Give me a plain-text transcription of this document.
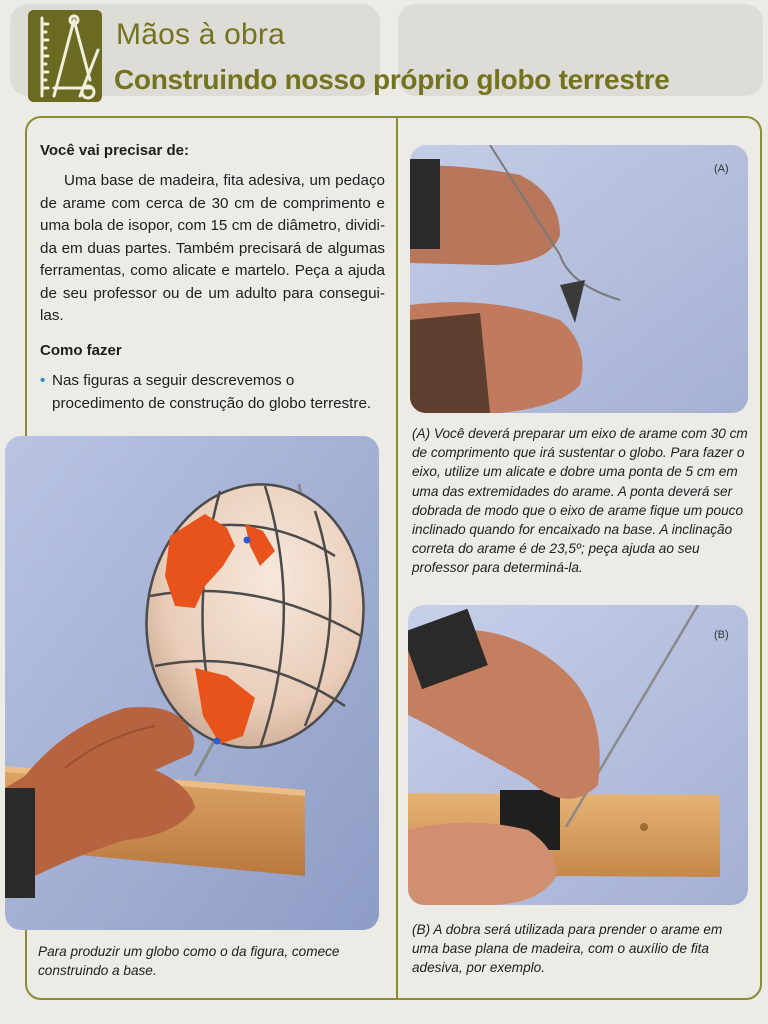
Mãos à obra
Construindo nosso próprio globo terrestre
Você vai precisar de:

Uma base de madeira, fita adesiva, um pedaço de arame com cerca de 30 cm de comprimento e uma bola de isopor, com 15 cm de diâmetro, dividida em duas partes. Também precisará de algumas ferramentas, como alicate e martelo. Peça a ajuda de seu professor ou de um adulto para consegui-las.

Como fazer

• Nas figuras a seguir descrevemos o procedimento de construção do globo terrestre.

(A)
(B)

Para produzir um globo como o da figura, comece construindo a base.

(A) Você deverá preparar um eixo de arame com 30 cm de comprimento que irá sustentar o globo. Para fazer o eixo, utilize um alicate e dobre uma ponta de 5 cm em uma das extremidades do arame. A ponta deverá ser dobrada de modo que o eixo de arame fique um pouco inclinado quando for encaixado na base. A inclinação correta do arame é de 23,5º; peça ajuda ao seu professor para determiná-la.

(B) A dobra será utilizada para prender o arame em uma base plana de madeira, com o auxílio de fita adesiva, por exemplo.
